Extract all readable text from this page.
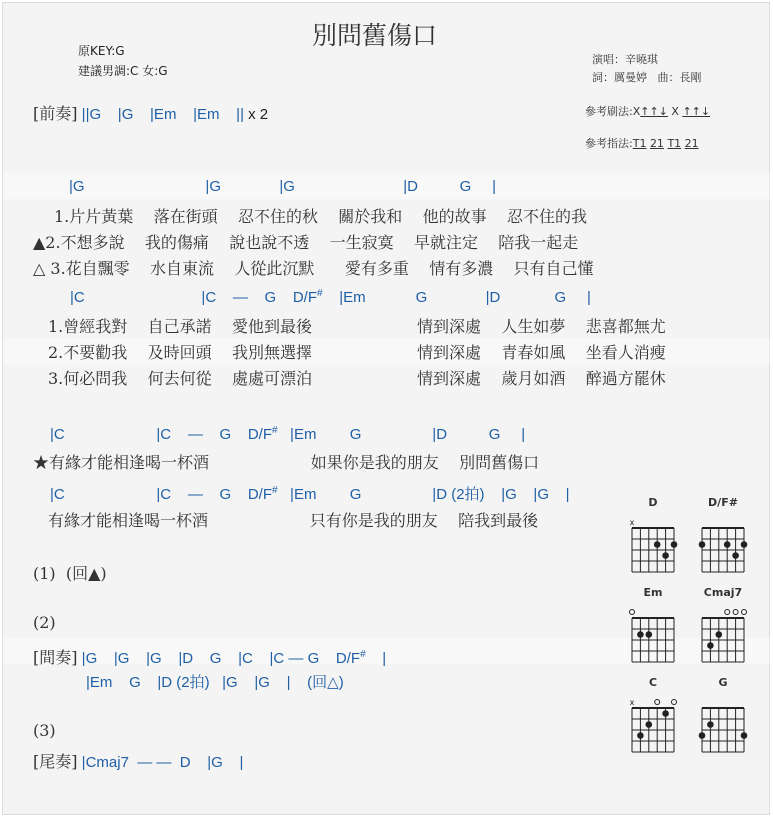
別問舊傷口
原KEY:G
建議男調:C 女:G
演唱：辛曉琪
詞：厲曼婷   曲：長剛
參考刷法:X↑↑↓ X ↑↑↓
參考指法:T1 21 T1 21
[前奏] ||G    |G    |Em    |Em    || x 2
|G                             |G              |G                          |D          G     |
1.片片黃葉    落在街頭    忍不住的秋    關於我和    他的故事    忍不住的我
▲2.不想多說    我的傷痛    說也說不透    一生寂寞    早就注定    陪我一起走
△ 3.花自飄零    水自東流    人從此沉默      愛有多重    情有多濃    只有自己懂
|C                            |C    —    G    D/F#    |Em            G              |D             G     |
1.曾經我對    自己承諾    愛他到最後
2.不要勸我    及時回頭    我別無選擇
3.何必問我    何去何從    處處可漂泊
情到深處    人生如夢    悲喜都無尤
情到深處    青春如風    坐看人消瘦
情到深處    歲月如酒    醉過方罷休
|C                      |C    —    G    D/F#   |Em        G                 |D          G     |
★有緣才能相逢喝一杯酒                    如果你是我的朋友    別問舊傷口
|C                      |C    —    G    D/F#   |Em        G                 |D (2拍)    |G    |G    |
有緣才能相逢喝一杯酒                    只有你是我的朋友    陪我到最後
(1)  (回▲)
(2)
[間奏] |G    |G    |G    |D    G    |C    |C — G    D/F#    |
|Em    G    |D (2拍)   |G    |G    |    (回△)
(3)
[尾奏] |Cmaj7  — —  D    |G    |
D
x
D/F#
Em	Cmaj7
C
x
G
